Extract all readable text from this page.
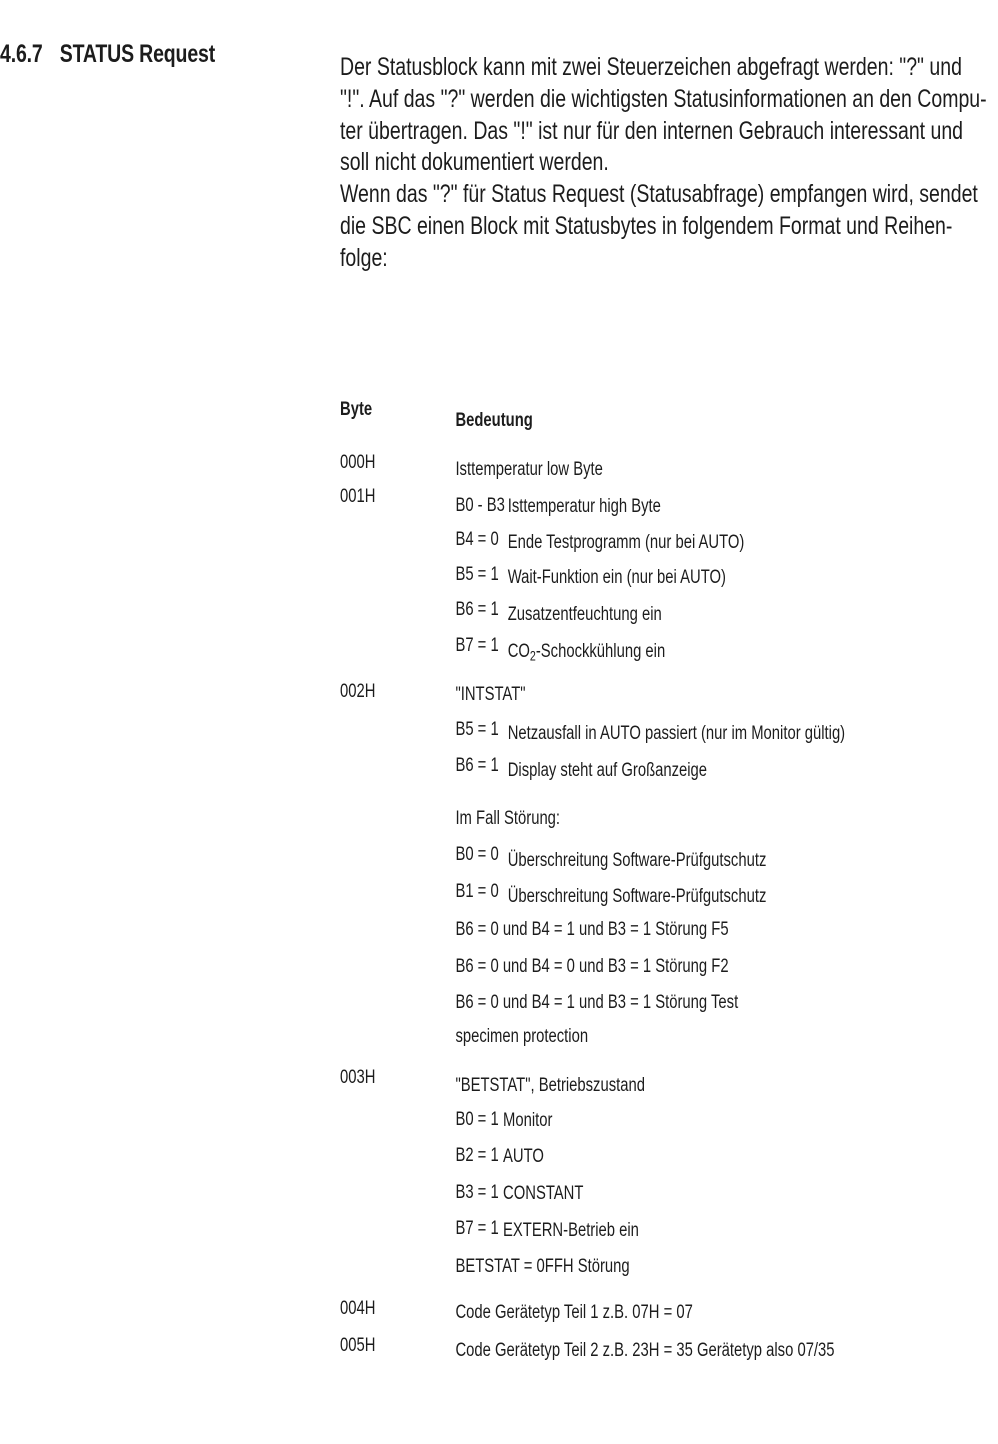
4.6.7 STATUS Request	Der Statusblock kann mit zwei Steuerzeichen abgefragt werden: "?" und
"!". Auf das "?" werden die wichtigsten Statusinformationen an den Compu-
ter übertragen. Das "!" ist nur für den internen Gebrauch interessant und
soll nicht dokumentiert werden.
Wenn das "?" für Status Request (Statusabfrage) empfangen wird, sendet
die SBC einen Block mit Statusbytes in folgendem Format und Reihen-
folge:
Byte
Bedeutung
000H	Isttemperatur low Byte
001H	B0 - B3 Isttemperatur high Byte
B4 = 0 Ende Testprogramm (nur bei AUTO)
B5 = 1 Wait-Funktion ein (nur bei AUTO)
B6 = 1 Zusatzentfeuchtung ein
B7 = 1 $CO_2$-Schockkühlung ein
002H	"INTSTAT"
B5 = 1 Netzausfall in AUTO passiert (nur im Monitor gültig)
B6 = 1 Display steht auf Großanzeige
Im Fall Störung:
B0 = 0 Überschreitung Software-Prüfgutschutz
B1 = 0 Überschreitung Software-Prüfgutschutz
B6 = 0 und B4 = 1 und B3 = 1 Störung F5
B6 = 0 und B4 = 0 und B3 = 1 Störung F2
B6 = 0 und B4 = 1 und B3 = 1 Störung Test
specimen protection
003H	"BETSTAT", Betriebszustand
B0 = 1 Monitor
B2 = 1 AUTO
B3 = 1 CONSTANT
B7 = 1 EXTERN-Betrieb ein
BETSTAT = 0FFH Störung
004H	Code Gerätetyp Teil 1 z.B. 07H = 07
005H	Code Gerätetyp Teil 2 z.B. 23H = 35 Gerätetyp also 07/35
